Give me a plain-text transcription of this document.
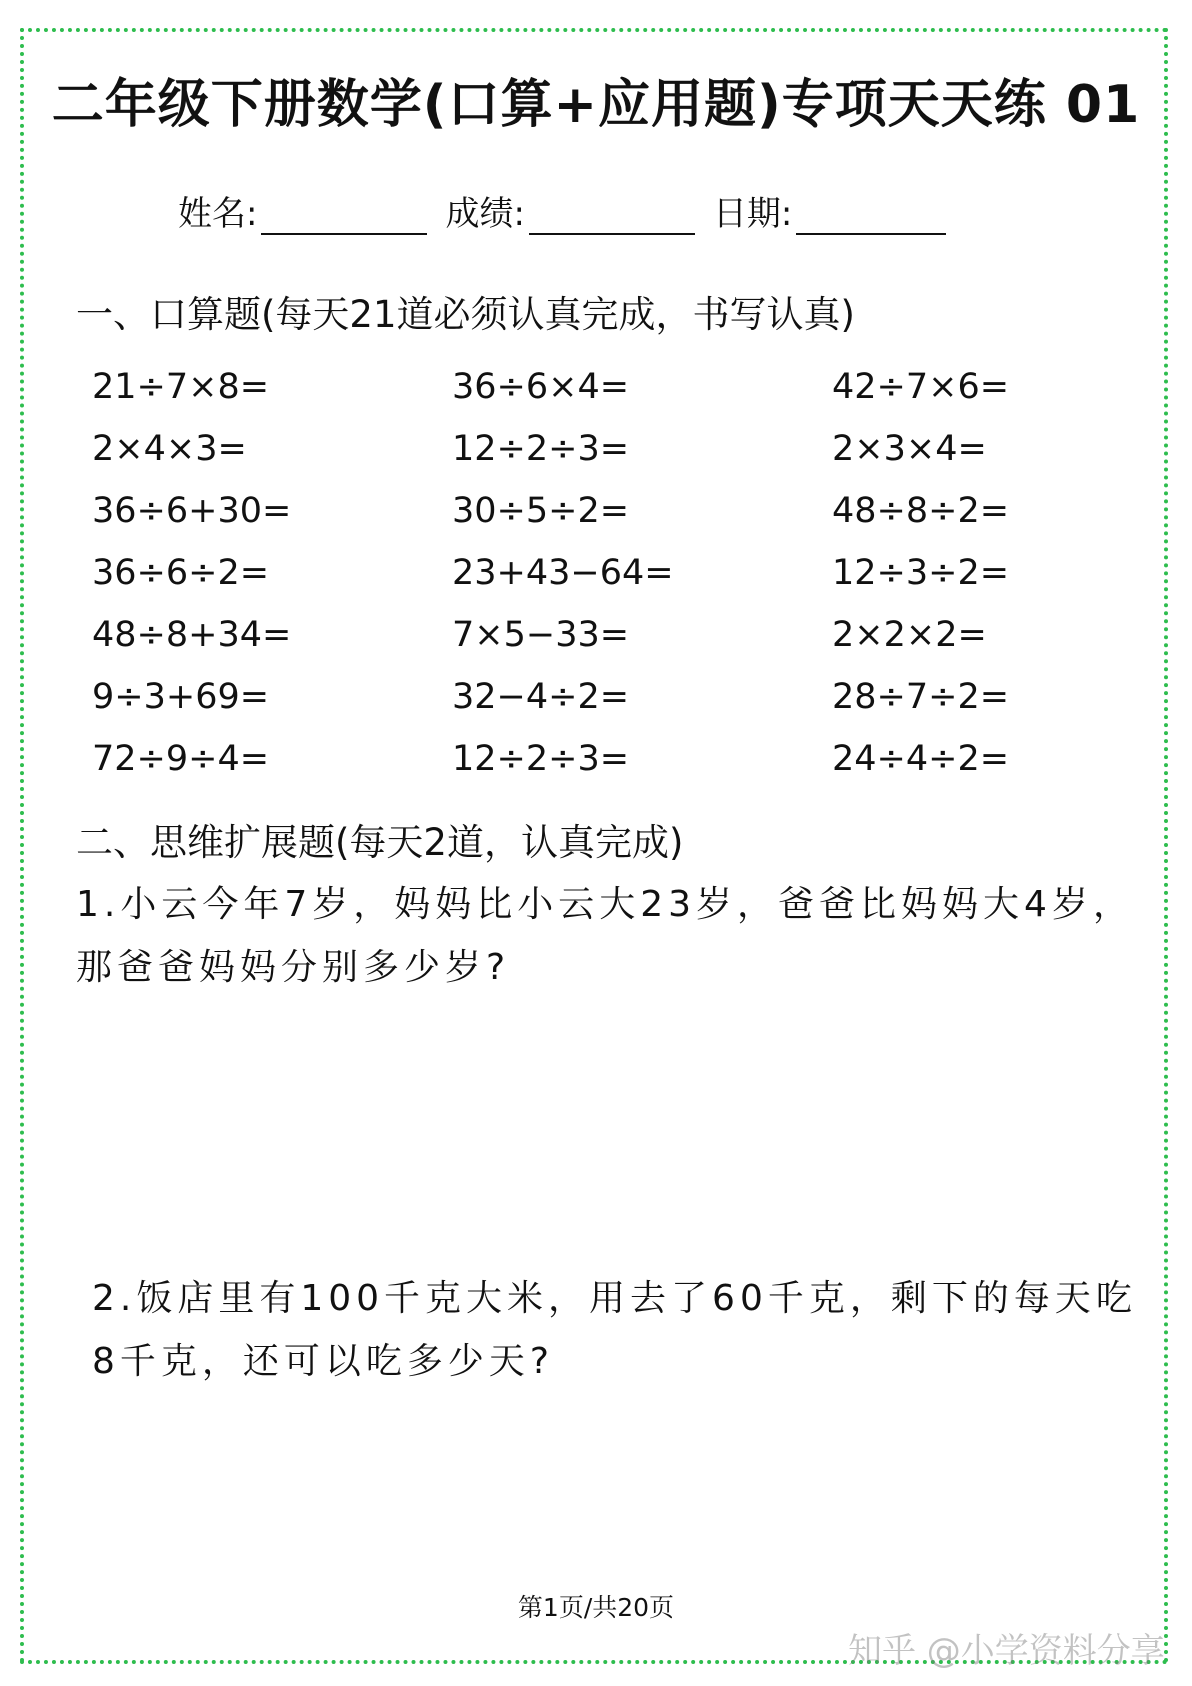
二年级下册数学(口算+应用题)专项天天练 01
姓名:	成绩:	日期:
一、口算题(每天21道必须认真完成，书写认真)
21÷7×8=
2×4×3=
36÷6+30=
36÷6÷2=
48÷8+34=
9÷3+69=
72÷9÷4=
36÷6×4=
12÷2÷3=
30÷5÷2=
23+43−64=
7×5−33=
32−4÷2=
12÷2÷3=
42÷7×6=
2×3×4=
48÷8÷2=
12÷3÷2=
2×2×2=
28÷7÷2=
24÷4÷2=
二、思维扩展题(每天2道，认真完成)
1.小云今年7岁，妈妈比小云大23岁，爸爸比妈妈大4岁，
那爸爸妈妈分别多少岁?
2.饭店里有100千克大米，用去了60千克，剩下的每天吃
8千克，还可以吃多少天?
第1页/共20页
知乎 @小学资料分享
